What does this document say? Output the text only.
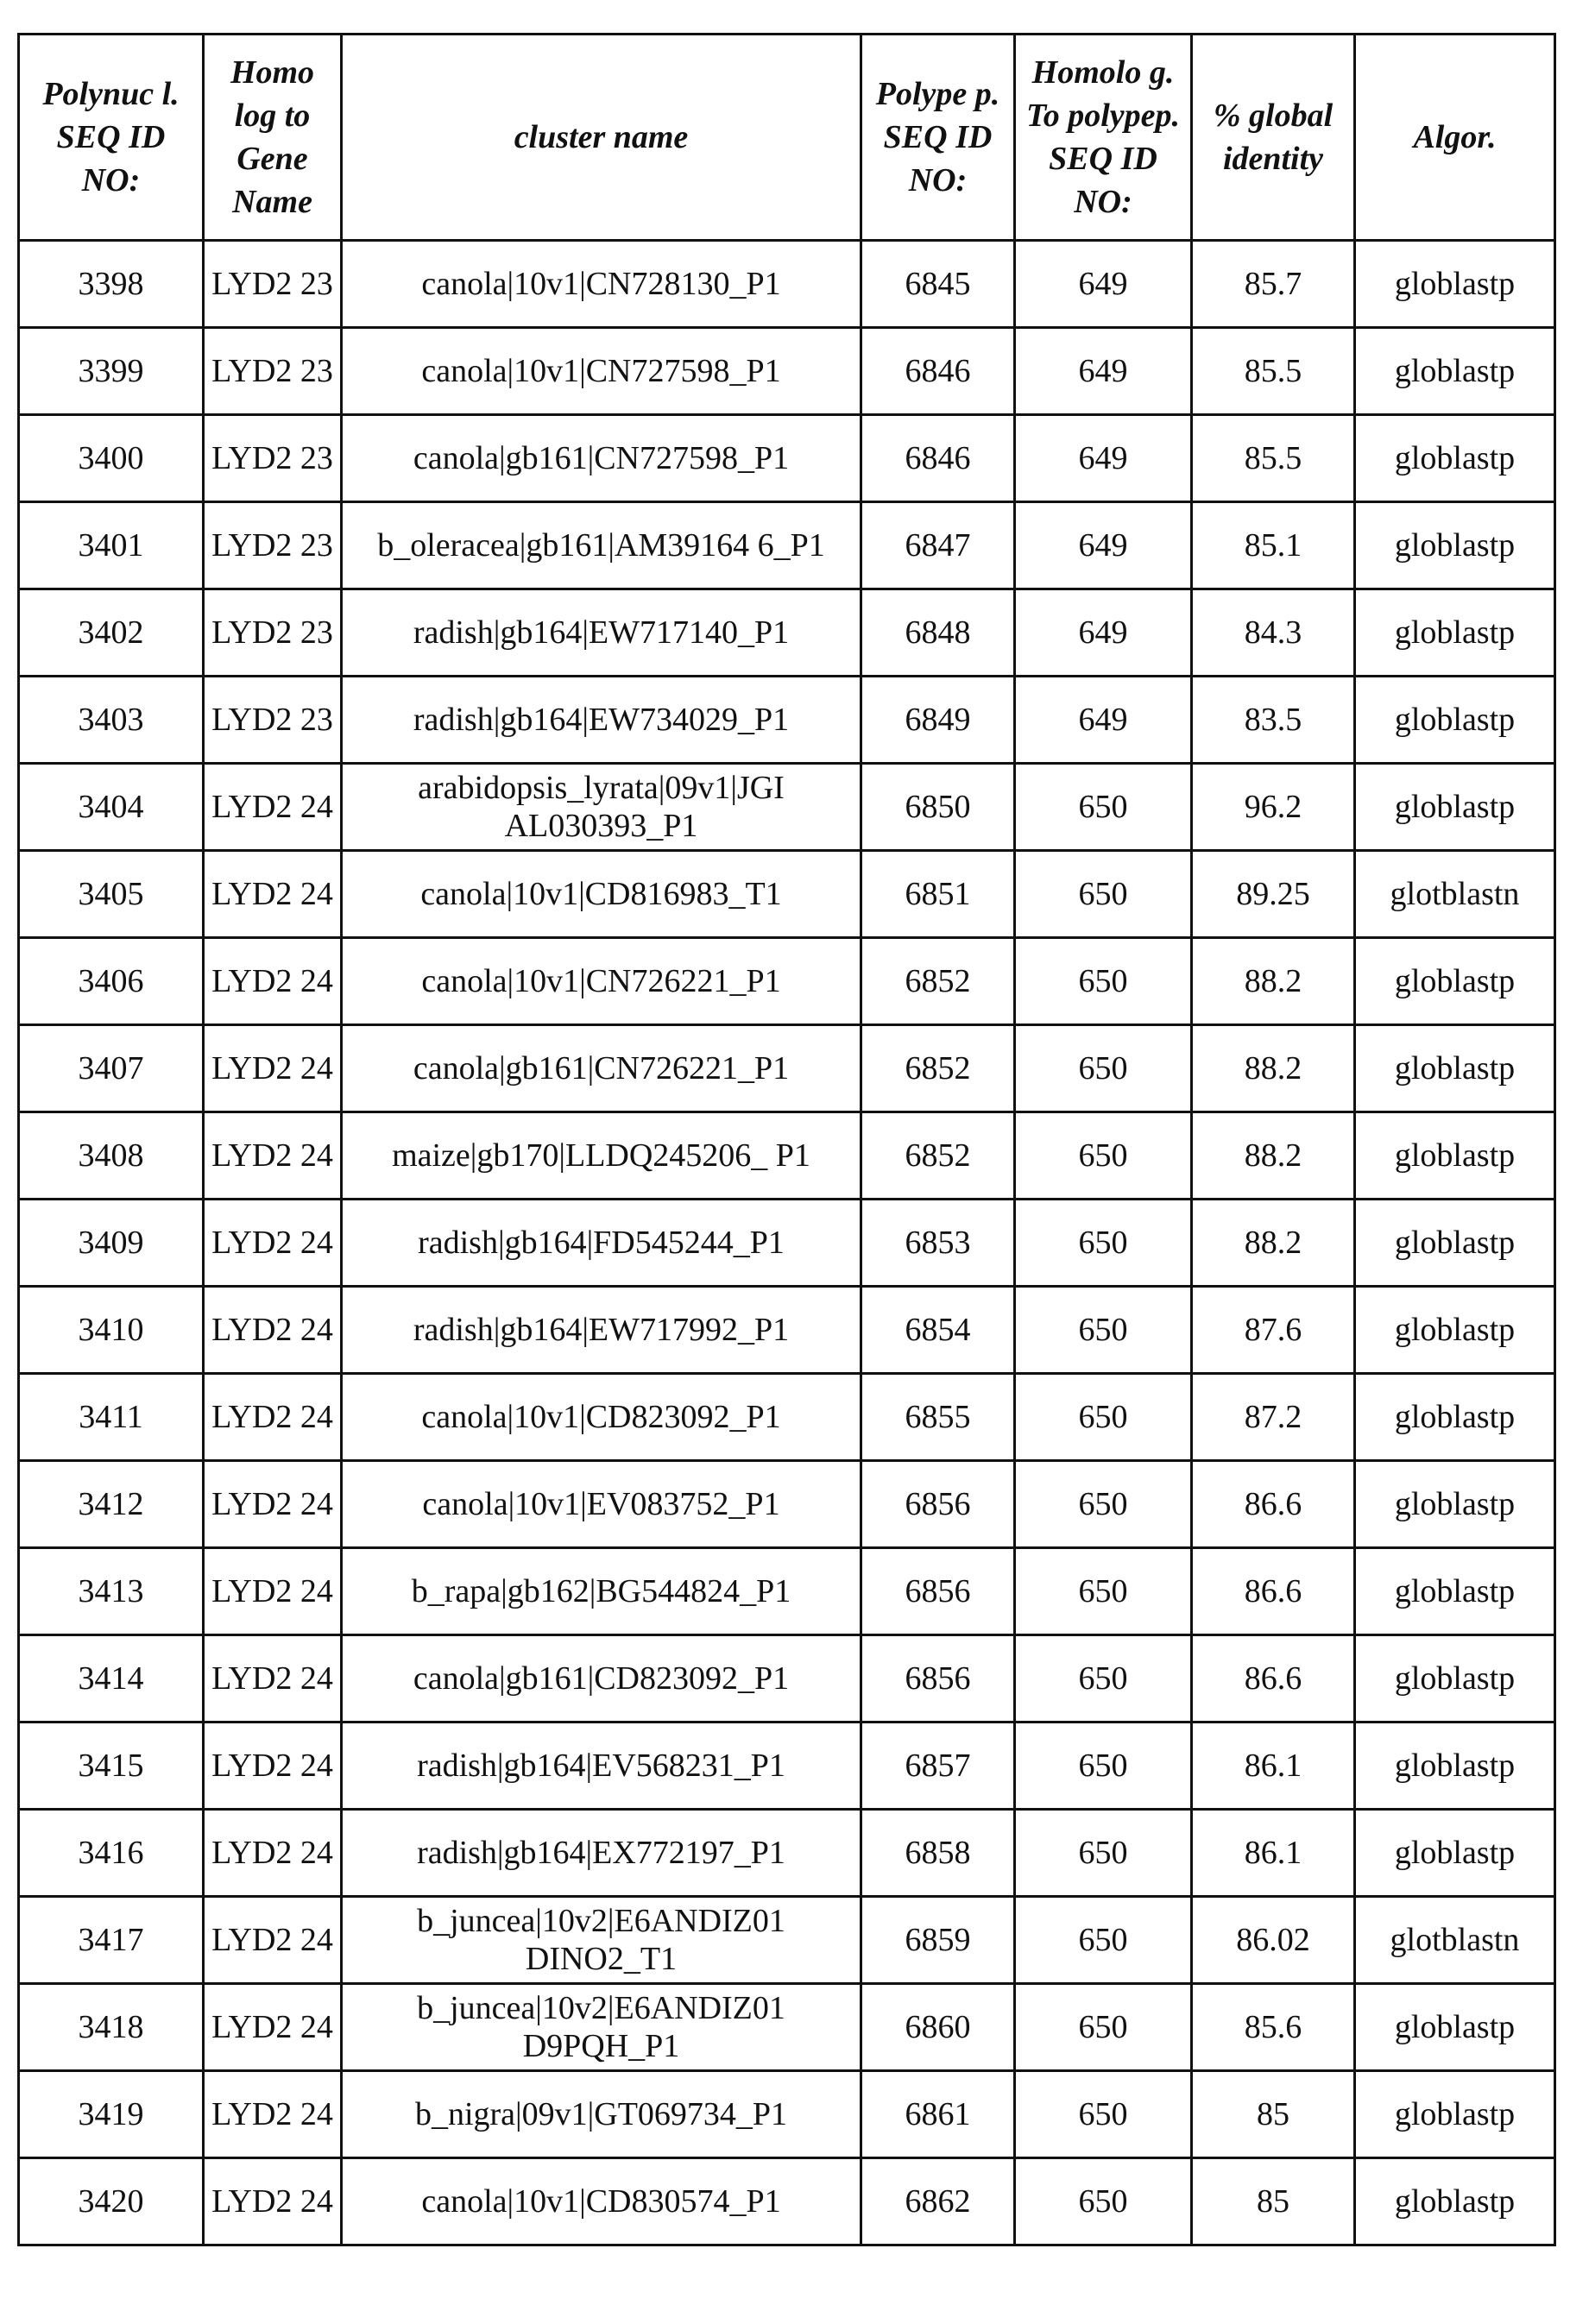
Polynuc l. SEQ ID NO:	Homo log to Gene Name	cluster name	Polype p. SEQ ID NO:	Homolo g. To polypep. SEQ ID NO:	% global identity	Algor.
3398	LYD2 23	canola|10v1|CN728130_P1	6845	649	85.7	globlastp
3399	LYD2 23	canola|10v1|CN727598_P1	6846	649	85.5	globlastp
3400	LYD2 23	canola|gb161|CN727598_P1	6846	649	85.5	globlastp
3401	LYD2 23	b_oleracea|gb161|AM39164 6_P1	6847	649	85.1	globlastp
3402	LYD2 23	radish|gb164|EW717140_P1	6848	649	84.3	globlastp
3403	LYD2 23	radish|gb164|EW734029_P1	6849	649	83.5	globlastp
3404	LYD2 24	arabidopsis_lyrata|09v1|JGI AL030393_P1	6850	650	96.2	globlastp
3405	LYD2 24	canola|10v1|CD816983_T1	6851	650	89.25	glotblastn
3406	LYD2 24	canola|10v1|CN726221_P1	6852	650	88.2	globlastp
3407	LYD2 24	canola|gb161|CN726221_P1	6852	650	88.2	globlastp
3408	LYD2 24	maize|gb170|LLDQ245206_ P1	6852	650	88.2	globlastp
3409	LYD2 24	radish|gb164|FD545244_P1	6853	650	88.2	globlastp
3410	LYD2 24	radish|gb164|EW717992_P1	6854	650	87.6	globlastp
3411	LYD2 24	canola|10v1|CD823092_P1	6855	650	87.2	globlastp
3412	LYD2 24	canola|10v1|EV083752_P1	6856	650	86.6	globlastp
3413	LYD2 24	b_rapa|gb162|BG544824_P1	6856	650	86.6	globlastp
3414	LYD2 24	canola|gb161|CD823092_P1	6856	650	86.6	globlastp
3415	LYD2 24	radish|gb164|EV568231_P1	6857	650	86.1	globlastp
3416	LYD2 24	radish|gb164|EX772197_P1	6858	650	86.1	globlastp
3417	LYD2 24	b_juncea|10v2|E6ANDIZ01 DINO2_T1	6859	650	86.02	glotblastn
3418	LYD2 24	b_juncea|10v2|E6ANDIZ01 D9PQH_P1	6860	650	85.6	globlastp
3419	LYD2 24	b_nigra|09v1|GT069734_P1	6861	650	85	globlastp
3420	LYD2 24	canola|10v1|CD830574_P1	6862	650	85	globlastp
